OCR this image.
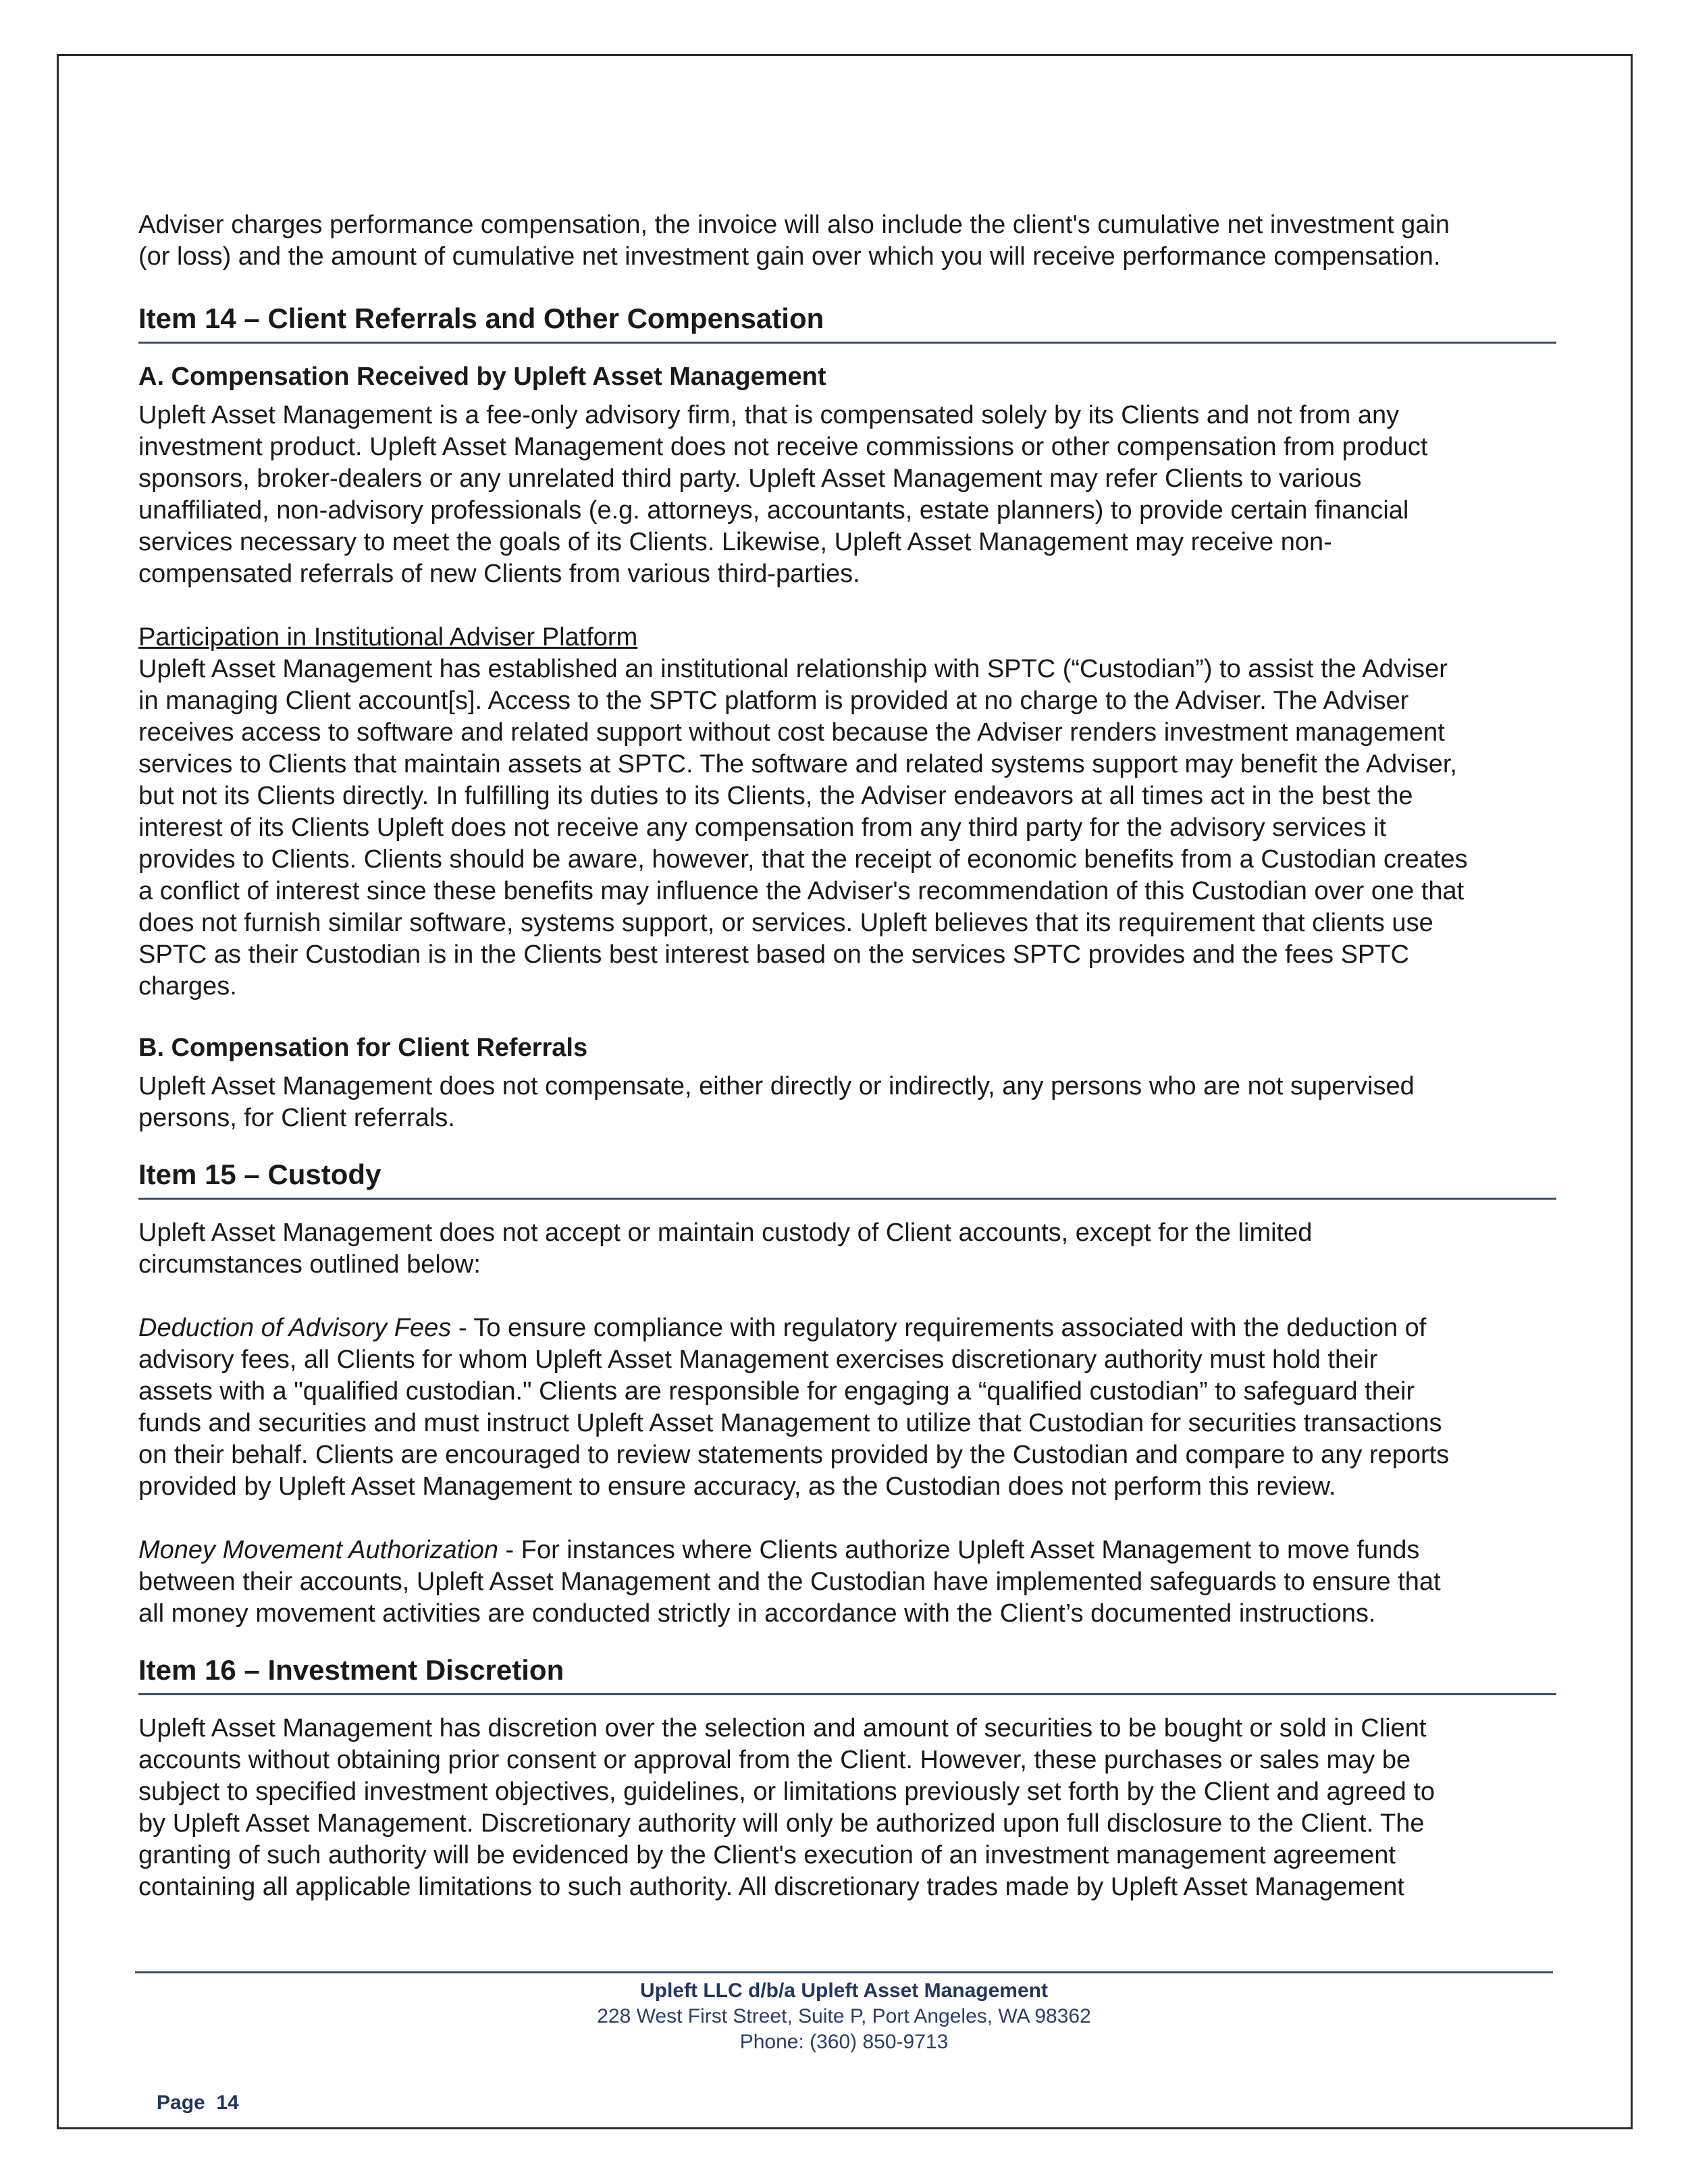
Adviser charges performance compensation, the invoice will also include the client's cumulative net investment gain

(or loss) and the amount of cumulative net investment gain over which you will receive performance compensation.

Item 14 – Client Referrals and Other Compensation
A. Compensation Received by Upleft Asset Management

Upleft Asset Management is a fee-only advisory firm, that is compensated solely by its Clients and not from any

investment product. Upleft Asset Management does not receive commissions or other compensation from product

sponsors, broker-dealers or any unrelated third party. Upleft Asset Management may refer Clients to various

unaffiliated, non-advisory professionals (e.g. attorneys, accountants, estate planners) to provide certain financial

services necessary to meet the goals of its Clients. Likewise, Upleft Asset Management may receive non-

compensated referrals of new Clients from various third-parties.

Participation in Institutional Adviser Platform

Upleft Asset Management has established an institutional relationship with SPTC (“Custodian”) to assist the Adviser

in managing Client account[s]. Access to the SPTC platform is provided at no charge to the Adviser. The Adviser

receives access to software and related support without cost because the Adviser renders investment management

services to Clients that maintain assets at SPTC. The software and related systems support may benefit the Adviser,

but not its Clients directly. In fulfilling its duties to its Clients, the Adviser endeavors at all times act in the best the

interest of its Clients Upleft does not receive any compensation from any third party for the advisory services it

provides to Clients. Clients should be aware, however, that the receipt of economic benefits from a Custodian creates

a conflict of interest since these benefits may influence the Adviser's recommendation of this Custodian over one that

does not furnish similar software, systems support, or services. Upleft believes that its requirement that clients use

SPTC as their Custodian is in the Clients best interest based on the services SPTC provides and the fees SPTC

charges.

B. Compensation for Client Referrals

Upleft Asset Management does not compensate, either directly or indirectly, any persons who are not supervised

persons, for Client referrals.

Item 15 – Custody

Upleft Asset Management does not accept or maintain custody of Client accounts, except for the limited

circumstances outlined below:

Deduction of Advisory Fees - To ensure compliance with regulatory requirements associated with the deduction of

advisory fees, all Clients for whom Upleft Asset Management exercises discretionary authority must hold their

assets with a "qualified custodian." Clients are responsible for engaging a “qualified custodian” to safeguard their

funds and securities and must instruct Upleft Asset Management to utilize that Custodian for securities transactions

on their behalf. Clients are encouraged to review statements provided by the Custodian and compare to any reports

provided by Upleft Asset Management to ensure accuracy, as the Custodian does not perform this review.

Money Movement Authorization - For instances where Clients authorize Upleft Asset Management to move funds

between their accounts, Upleft Asset Management and the Custodian have implemented safeguards to ensure that

all money movement activities are conducted strictly in accordance with the Client’s documented instructions.

Item 16 – Investment Discretion

Upleft Asset Management has discretion over the selection and amount of securities to be bought or sold in Client

accounts without obtaining prior consent or approval from the Client. However, these purchases or sales may be

subject to specified investment objectives, guidelines, or limitations previously set forth by the Client and agreed to

by Upleft Asset Management. Discretionary authority will only be authorized upon full disclosure to the Client. The

granting of such authority will be evidenced by the Client's execution of an investment management agreement

containing all applicable limitations to such authority. All discretionary trades made by Upleft Asset Management

Upleft LLC d/b/a Upleft Asset Management
228 West First Street, Suite P, Port Angeles, WA 98362
Phone: (360) 850-9713
Page  14
